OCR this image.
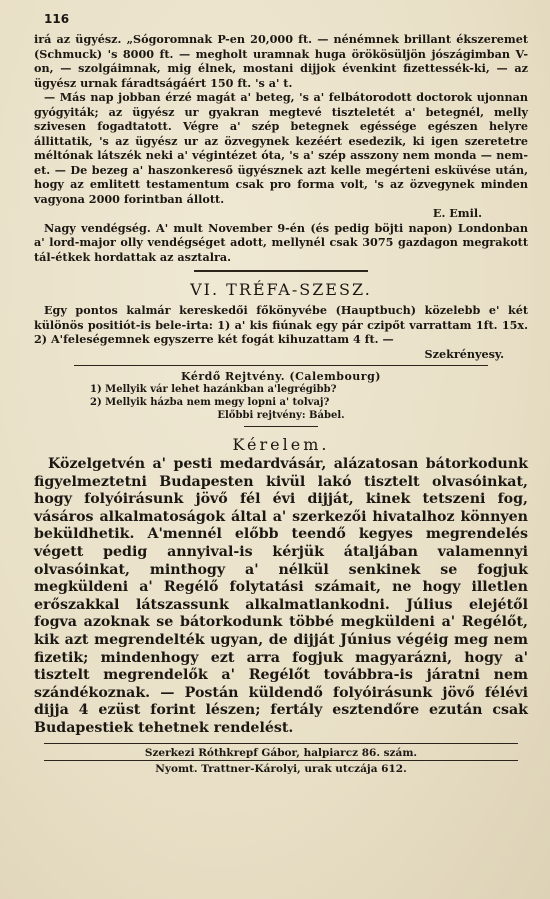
116

irá az ügyész. „Sógoromnak P-en 20,000 ft. — nénémnek brillant ékszeremet (Schmuck) 's 8000 ft. — megholt uramnak huga örökösüljön jószágimban V-on, — szolgáimnak, mig élnek, mostani dijjok évenkint fizettessék-ki, — az ügyész urnak fáradtságáért 150 ft. 's a' t.

— Más nap jobban érzé magát a' beteg, 's a' felbátorodott doctorok ujonnan gyógyiták; az ügyész ur gyakran megtevé tiszteletét a' betegnél, melly szivesen fogadtatott. Végre a' szép betegnek egéssége egészen helyre állittatik, 's az ügyész ur az özvegynek kezéért esedezik, ki igen szeretetre méltónak látszék neki a' végintézet óta, 's a' szép asszony nem monda — nem-et. — De bezeg a' haszonkereső ügyésznek azt kelle megérteni esküvése után, hogy az emlitett testamentum csak pro forma volt, 's az özvegynek minden vagyona 2000 forintban állott.

E. Emil.

Nagy vendégség. A' mult November 9-én (és pedig böjti napon) Londonban a' lord-major olly vendégséget adott, mellynél csak 3075 gazdagon megrakott tál-étkek hordattak az asztalra.

VI. TRÉFA-SZESZ.

Egy pontos kalmár kereskedői főkönyvébe (Hauptbuch) közelebb e' két különös positiót-is bele-irta: 1) a' kis fiúnak egy pár czipőt varrattam 1ft. 15x. 2) A'feleségemnek egyszerre két fogát kihuzattam 4 ft. —

Szekrényesy.

Kérdő Rejtvény. (Calembourg)
1) Mellyik vár lehet hazánkban a'legrégibb?
2) Mellyik házba nem megy lopni a' tolvaj?
Előbbi rejtvény: Bábel.
Kérelem.

Közelgetvén a' pesti medardvásár, alázatosan bátorkodunk figyelmeztetni Budapesten kivül lakó tisztelt olvasóinkat, hogy folyóirásunk jövő fél évi dijját, kinek tetszeni fog, vásáros alkalmatoságok által a' szerkezői hivatalhoz könnyen beküldhetik. A'mennél előbb teendő kegyes megrendelés végett pedig annyival-is kérjük átaljában valamennyi olvasóinkat, minthogy a' nélkül senkinek se fogjuk megküldeni a' Regélő folytatási számait, ne hogy illetlen erőszakkal látszassunk alkalmatlankodni. Július elejétől fogva azoknak se bátorkodunk többé megküldeni a' Regélőt, kik azt megrendelték ugyan, de dijját Június végéig meg nem fizetik; mindenhogy ezt arra fogjuk magyarázni, hogy a' tisztelt megrendelők a' Regélőt továbbra-is járatni nem szándékoznak. — Postán küldendő folyóirásunk jövő félévi dijja 4 ezüst forint lészen; fertály esztendőre ezután csak Budapestiek tehetnek rendelést.

Szerkezi Róthkrepf Gábor, halpiarcz 86. szám.
Nyomt. Trattner-Károlyi, urak utczája 612.
